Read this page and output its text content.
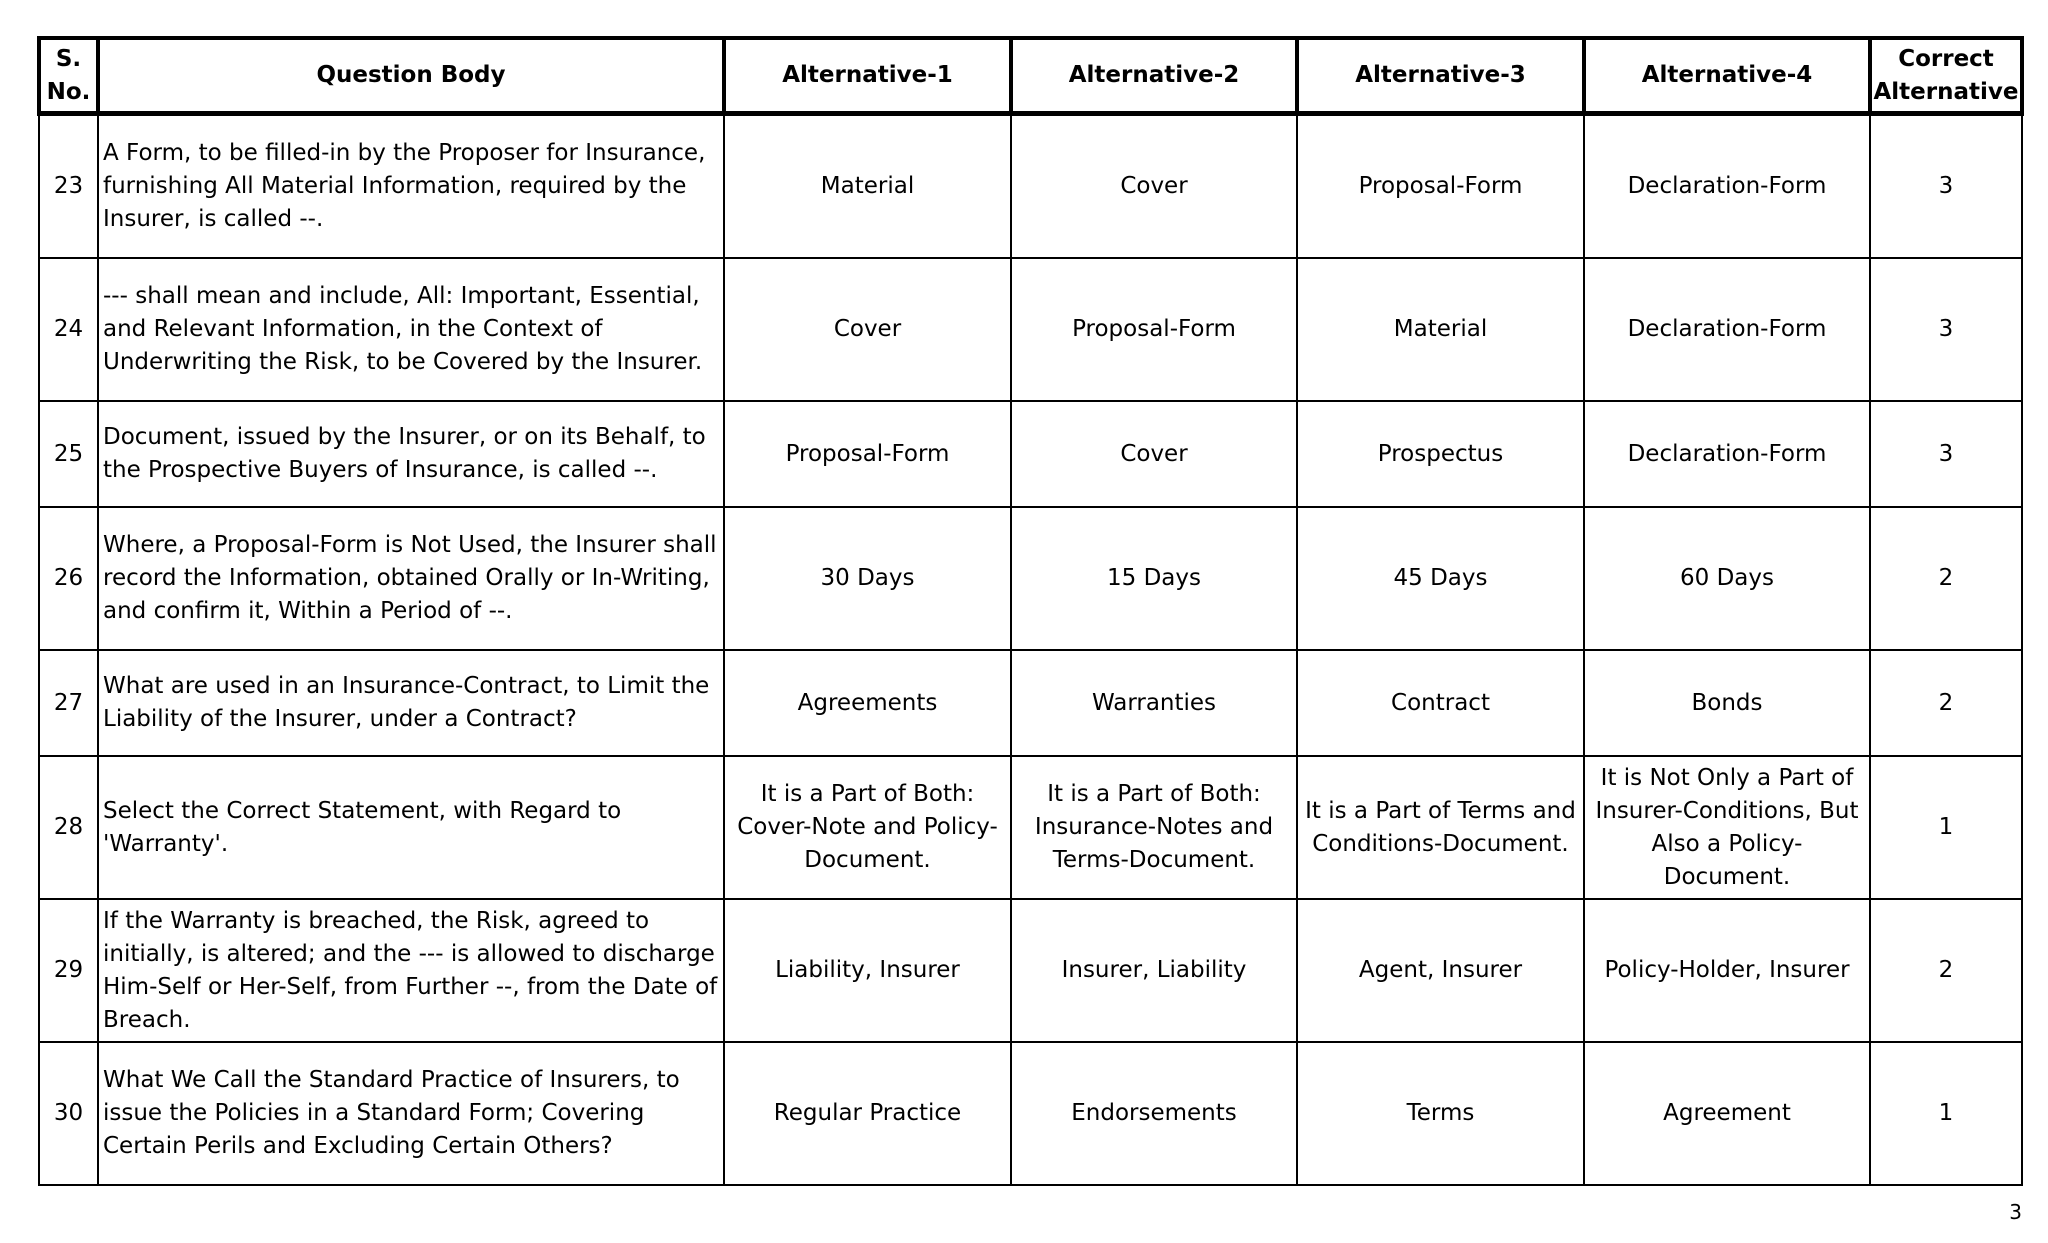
S. No.	Question Body	Alternative-1	Alternative-2	Alternative-3	Alternative-4	Correct Alternative
23	A Form, to be filled-in by the Proposer for Insurance, furnishing All Material Information, required by the Insurer, is called --.	Material	Cover	Proposal-Form	Declaration-Form	3
24	--- shall mean and include, All: Important, Essential, and Relevant Information, in the Context of Underwriting the Risk, to be Covered by the Insurer.	Cover	Proposal-Form	Material	Declaration-Form	3
25	Document, issued by the Insurer, or on its Behalf, to the Prospective Buyers of Insurance, is called --.	Proposal-Form	Cover	Prospectus	Declaration-Form	3
26	Where, a Proposal-Form is Not Used, the Insurer shall record the Information, obtained Orally or In-Writing, and confirm it, Within a Period of --.	30 Days	15 Days	45 Days	60 Days	2
27	What are used in an Insurance-Contract, to Limit the Liability of the Insurer, under a Contract?	Agreements	Warranties	Contract	Bonds	2
28	Select the Correct Statement, with Regard to 'Warranty'.	It is a Part of Both: Cover-Note and Policy-Document.	It is a Part of Both: Insurance-Notes and Terms-Document.	It is a Part of Terms and Conditions-Document.	It is Not Only a Part of Insurer-Conditions, But Also a Policy-Document.	1
29	If the Warranty is breached, the Risk, agreed to initially, is altered; and the --- is allowed to discharge Him-Self or Her-Self, from Further --, from the Date of Breach.	Liability, Insurer	Insurer, Liability	Agent, Insurer	Policy-Holder, Insurer	2
30	What We Call the Standard Practice of Insurers, to issue the Policies in a Standard Form; Covering Certain Perils and Excluding Certain Others?	Regular Practice	Endorsements	Terms	Agreement	1
3
